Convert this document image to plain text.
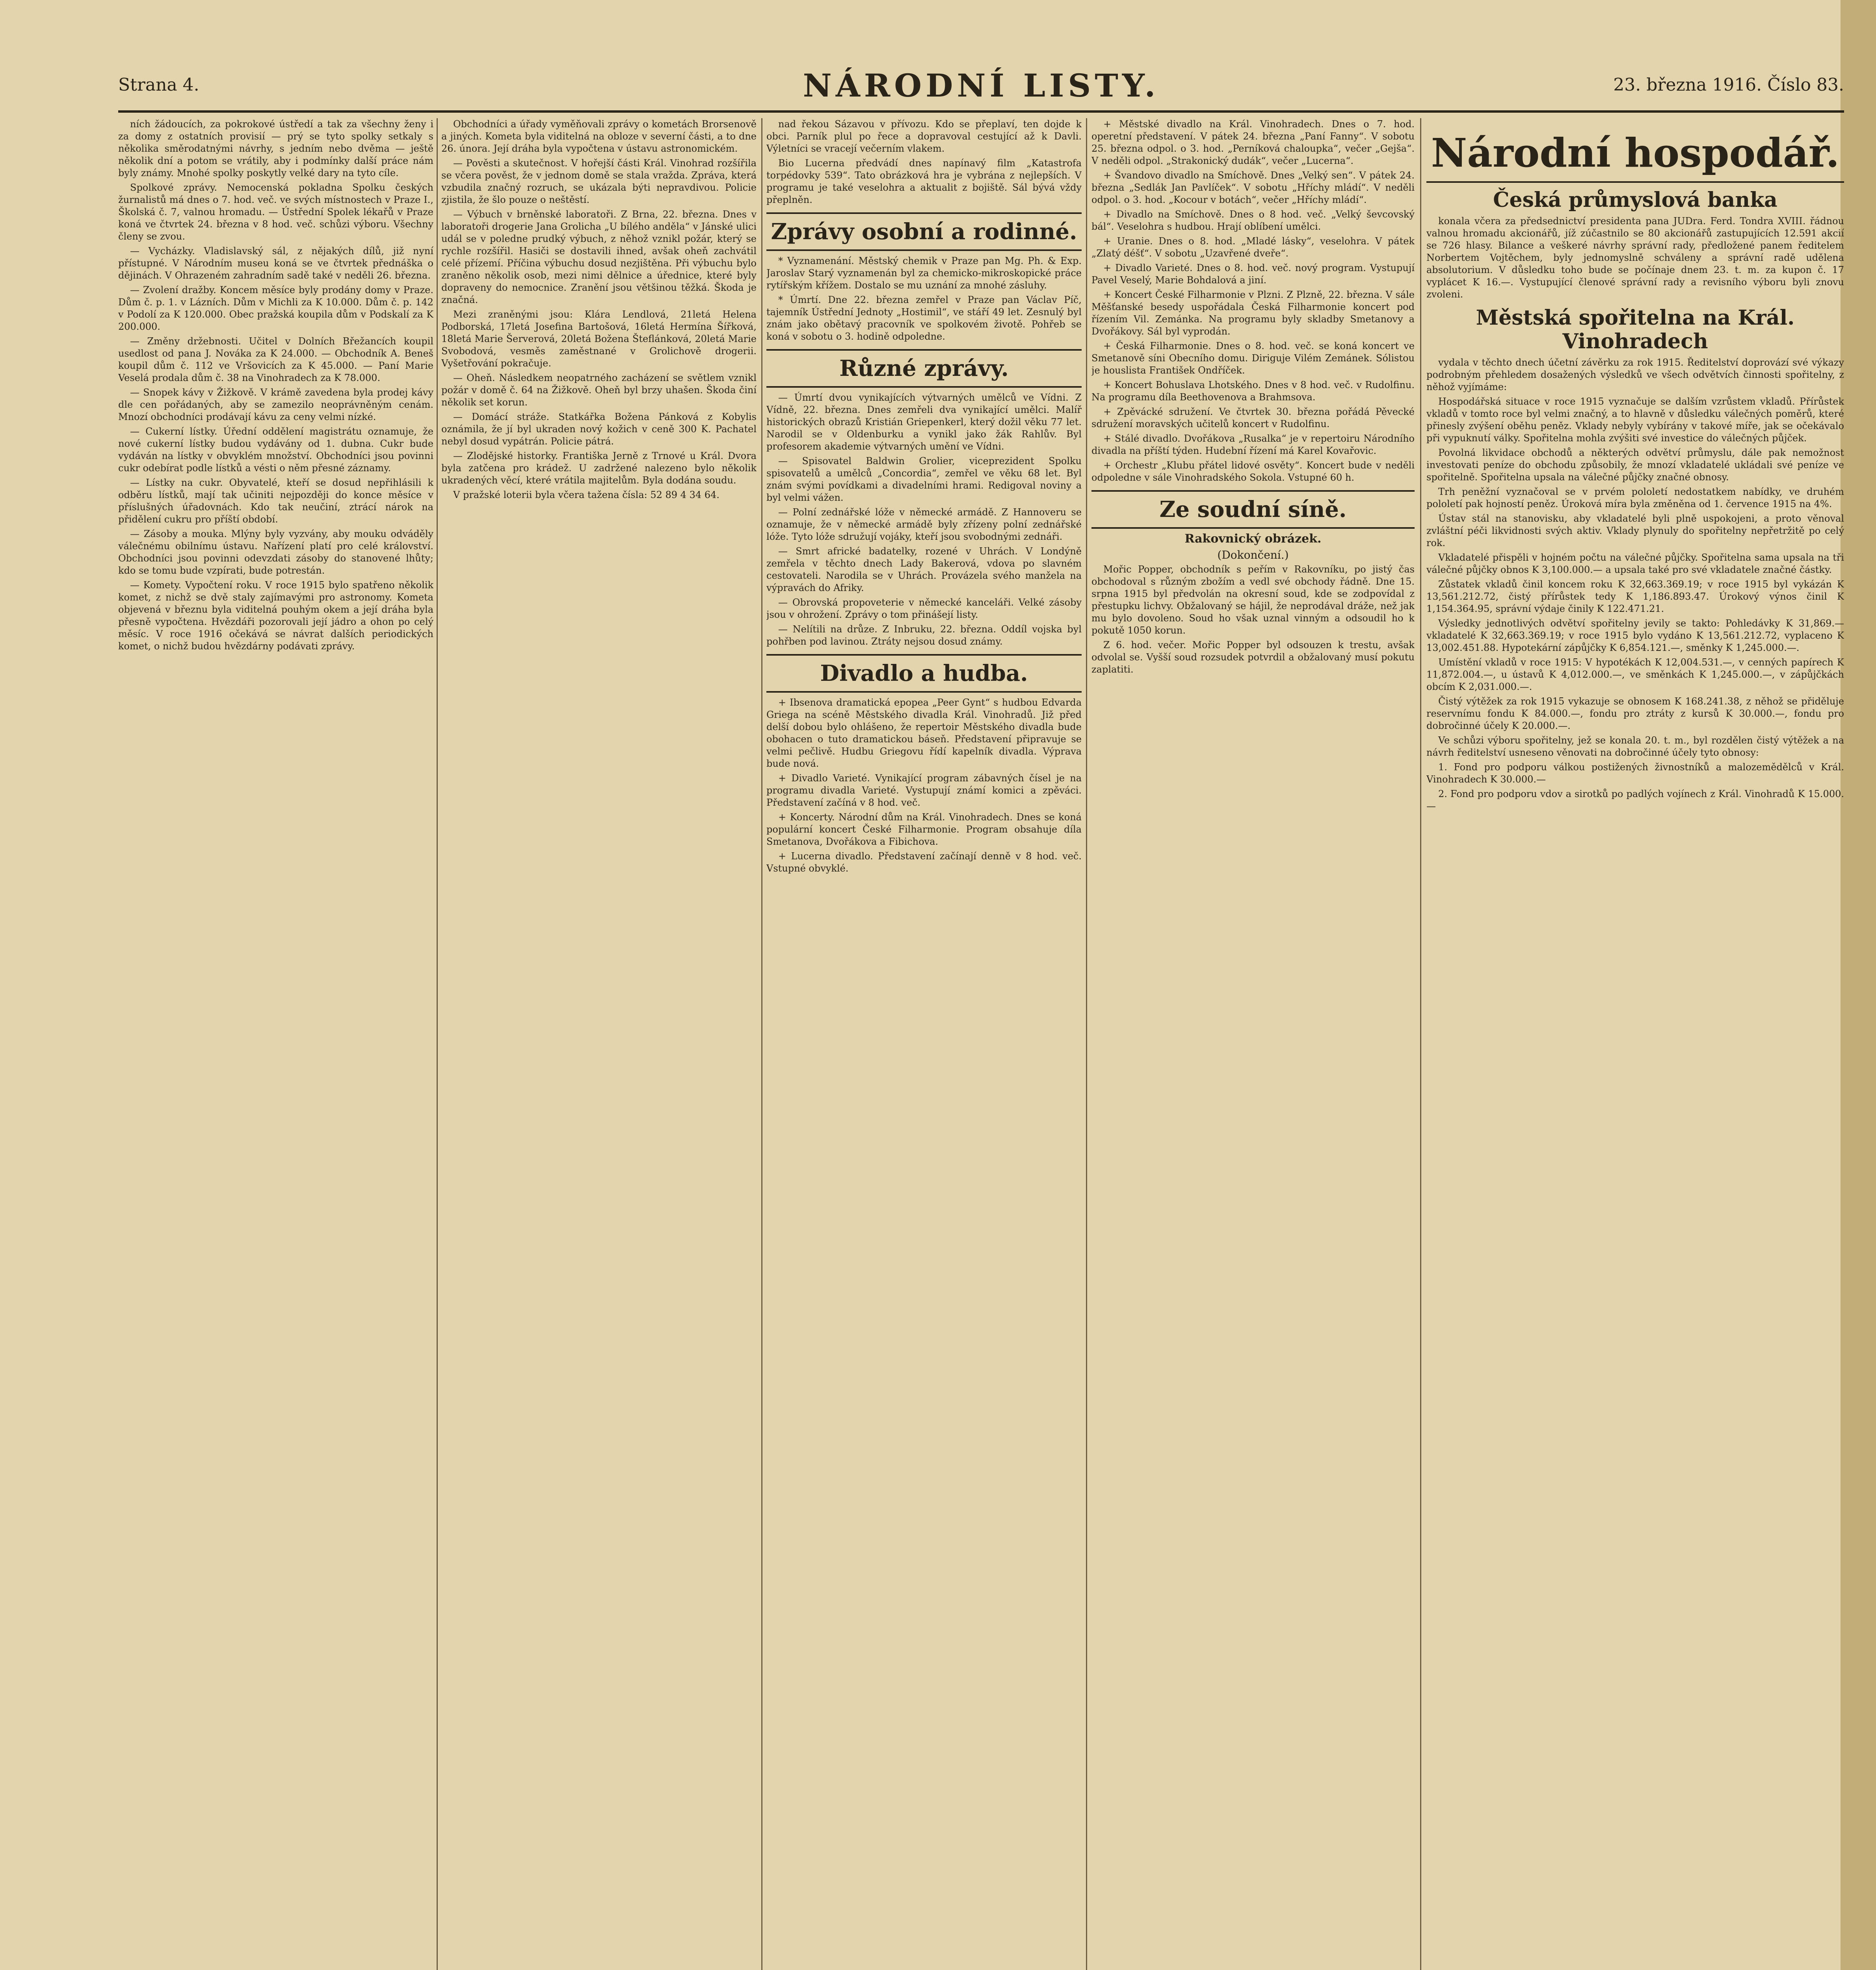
Strana 4.	NÁRODNÍ LISTY.	23. března 1916. Číslo 83.

ních žádoucích, za pokrokové ústředí a tak za všechny ženy i za domy z ostatních provisií — prý se tyto spolky setkaly s několika směrodatnými návrhy, s jedním nebo dvěma — ještě několik dní a potom se vrátily, aby i podmínky další práce nám byly známy. Mnohé spolky poskytly velké dary na tyto cíle.

Spolkové zprávy. Nemocenská pokladna Spolku českých žurnalistů má dnes o 7. hod. več. ve svých místnostech v Praze I., Školská č. 7, valnou hromadu. — Ústřední Spolek lékařů v Praze koná ve čtvrtek 24. března v 8 hod. več. schůzi výboru. Všechny členy se zvou.

— Vycházky. Vladislavský sál, z nějakých dílů, již nyní přístupné. V Národním museu koná se ve čtvrtek přednáška o dějinách. V Ohrazeném zahradním sadě také v neděli 26. března.

— Zvolení dražby. Koncem měsíce byly prodány domy v Praze. Dům č. p. 1. v Lázních. Dům v Michli za K 10.000. Dům č. p. 142 v Podolí za K 120.000. Obec pražská koupila dům v Podskalí za K 200.000.

— Změny držebnosti. Učitel v Dolních Břežancích koupil usedlost od pana J. Nováka za K 24.000. — Obchodník A. Beneš koupil dům č. 112 ve Vršovicích za K 45.000. — Paní Marie Veselá prodala dům č. 38 na Vinohradech za K 78.000.

— Snopek kávy v Žižkově. V krámě zavedena byla prodej kávy dle cen pořádaných, aby se zamezilo neoprávněným cenám. Mnozí obchodníci prodávají kávu za ceny velmi nízké.

— Cukerní lístky. Úřední oddělení magistrátu oznamuje, že nové cukerní lístky budou vydávány od 1. dubna. Cukr bude vydáván na lístky v obvyklém množství. Obchodníci jsou povinni cukr odebírat podle lístků a vésti o něm přesné záznamy.

— Lístky na cukr. Obyvatelé, kteří se dosud nepřihlásili k odběru lístků, mají tak učiniti nejpozději do konce měsíce v příslušných úřadovnách. Kdo tak neučiní, ztrácí nárok na přidělení cukru pro příští období.

— Zásoby a mouka. Mlýny byly vyzvány, aby mouku odváděly válečnému obilnímu ústavu. Nařízení platí pro celé království. Obchodníci jsou povinni odevzdati zásoby do stanovené lhůty; kdo se tomu bude vzpírati, bude potrestán.

— Komety. Vypočtení roku. V roce 1915 bylo spatřeno několik komet, z nichž se dvě staly zajímavými pro astronomy. Kometa objevená v březnu byla viditelná pouhým okem a její dráha byla přesně vypočtena. Hvězdáři pozorovali její jádro a ohon po celý měsíc. V roce 1916 očekává se návrat dalších periodických komet, o nichž budou hvězdárny podávati zprávy.

Obchodníci a úřady vyměňovali zprávy o kometách Brorsenově a jiných. Kometa byla viditelná na obloze v severní části, a to dne 26. února. Její dráha byla vypočtena v ústavu astronomickém.

— Pověsti a skutečnost. V hořejší části Král. Vinohrad rozšířila se včera pověst, že v jednom domě se stala vražda. Zpráva, která vzbudila značný rozruch, se ukázala býti nepravdivou. Policie zjistila, že šlo pouze o neštěstí.

— Výbuch v brněnské laboratoři. Z Brna, 22. března. Dnes v laboratoři drogerie Jana Grolicha „U bílého anděla“ v Jánské ulici udál se v poledne prudký výbuch, z něhož vznikl požár, který se rychle rozšířil. Hasiči se dostavili ihned, avšak oheň zachvátil celé přízemí. Příčina výbuchu dosud nezjištěna. Při výbuchu bylo zraněno několik osob, mezi nimi dělnice a úřednice, které byly dopraveny do nemocnice. Zranění jsou většinou těžká. Škoda je značná.

Mezi zraněnými jsou: Klára Lendlová, 21letá Helena Podborská, 17letá Josefina Bartošová, 16letá Hermína Šířková, 18letá Marie Šerverová, 20letá Božena Šteflánková, 20letá Marie Svobodová, vesměs zaměstnané v Grolichově drogerii. Vyšetřování pokračuje.

— Oheň. Následkem neopatrného zacházení se světlem vznikl požár v domě č. 64 na Žižkově. Oheň byl brzy uhašen. Škoda činí několik set korun.

— Domácí stráže. Statkářka Božena Pánková z Kobylis oznámila, že jí byl ukraden nový kožich v ceně 300 K. Pachatel nebyl dosud vypátrán. Policie pátrá.

— Zlodějské historky. Františka Jerně z Trnové u Král. Dvora byla zatčena pro krádež. U zadržené nalezeno bylo několik ukradených věcí, které vrátila majitelům. Byla dodána soudu.

V pražské loterii byla včera tažena čísla: 52 89 4 34 64.

nad řekou Sázavou v přívozu. Kdo se přeplaví, ten dojde k obci. Parník plul po řece a dopravoval cestující až k Davli. Výletníci se vracejí večerním vlakem.

Bio Lucerna předvádí dnes napínavý film „Katastrofa torpédovky 539“. Tato obrázková hra je vybrána z nejlepších. V programu je také veselohra a aktualit z bojiště. Sál bývá vždy přeplněn.

Zprávy osobní a rodinné.

* Vyznamenání. Městský chemik v Praze pan Mg. Ph. & Exp. Jaroslav Starý vyznamenán byl za chemicko-mikroskopické práce rytířským křížem. Dostalo se mu uznání za mnohé zásluhy.

* Úmrtí. Dne 22. března zemřel v Praze pan Václav Píč, tajemník Ústřední Jednoty „Hostimil“, ve stáří 49 let. Zesnulý byl znám jako obětavý pracovník ve spolkovém životě. Pohřeb se koná v sobotu o 3. hodině odpoledne.

Různé zprávy.

— Úmrtí dvou vynikajících výtvarných umělců ve Vídni. Z Vídně, 22. března. Dnes zemřeli dva vynikající umělci. Malíř historických obrazů Kristián Griepenkerl, který dožil věku 77 let. Narodil se v Oldenburku a vynikl jako žák Rahlův. Byl profesorem akademie výtvarných umění ve Vídni.

— Spisovatel Baldwin Grolier, viceprezident Spolku spisovatelů a umělců „Concordia“, zemřel ve věku 68 let. Byl znám svými povídkami a divadelními hrami. Redigoval noviny a byl velmi vážen.

— Polní zednářské lóže v německé armádě. Z Hannoveru se oznamuje, že v německé armádě byly zřízeny polní zednářské lóže. Tyto lóže sdružují vojáky, kteří jsou svobodnými zednáři.

— Smrt africké badatelky, rozené v Uhrách. V Londýně zemřela v těchto dnech Lady Bakerová, vdova po slavném cestovateli. Narodila se v Uhrách. Provázela svého manžela na výpravách do Afriky.

— Obrovská propoveterie v německé kanceláři. Velké zásoby jsou v ohrožení. Zprávy o tom přinášejí listy.

— Nelítili na drůze. Z Inbruku, 22. března. Oddíl vojska byl pohřben pod lavinou. Ztráty nejsou dosud známy.

Divadlo a hudba.

+ Ibsenova dramatická epopea „Peer Gynt“ s hudbou Edvarda Griega na scéně Městského divadla Král. Vinohradů. Již před delší dobou bylo ohlášeno, že repertoir Městského divadla bude obohacen o tuto dramatickou báseň. Představení připravuje se velmi pečlivě. Hudbu Griegovu řídí kapelník divadla. Výprava bude nová.

+ Divadlo Varieté. Vynikající program zábavných čísel je na programu divadla Varieté. Vystupují známí komici a zpěváci. Představení začíná v 8 hod. več.

+ Koncerty. Národní dům na Král. Vinohradech. Dnes se koná populární koncert České Filharmonie. Program obsahuje díla Smetanova, Dvořákova a Fibichova.

+ Lucerna divadlo. Představení začínají denně v 8 hod. več. Vstupné obvyklé.

+ Městské divadlo na Král. Vinohradech. Dnes o 7. hod. operetní představení. V pátek 24. března „Paní Fanny“. V sobotu 25. března odpol. o 3. hod. „Perníková chaloupka“, večer „Gejša“. V neděli odpol. „Strakonický dudák“, večer „Lucerna“.

+ Švandovo divadlo na Smíchově. Dnes „Velký sen“. V pátek 24. března „Sedlák Jan Pavlíček“. V sobotu „Hříchy mládí“. V neděli odpol. o 3. hod. „Kocour v botách“, večer „Hříchy mládí“.

+ Divadlo na Smíchově. Dnes o 8 hod. več. „Velký ševcovský bál“. Veselohra s hudbou. Hrají oblíbení umělci.

+ Uranie. Dnes o 8. hod. „Mladé lásky“, veselohra. V pátek „Zlatý déšť“. V sobotu „Uzavřené dveře“.

+ Divadlo Varieté. Dnes o 8. hod. več. nový program. Vystupují Pavel Veselý, Marie Bohdalová a jiní.

+ Koncert České Filharmonie v Plzni. Z Plzně, 22. března. V sále Měšťanské besedy uspořádala Česká Filharmonie koncert pod řízením Vil. Zemánka. Na programu byly skladby Smetanovy a Dvořákovy. Sál byl vyprodán.

+ Česká Filharmonie. Dnes o 8. hod. več. se koná koncert ve Smetanově síni Obecního domu. Diriguje Vilém Zemánek. Sólistou je houslista František Ondříček.

+ Koncert Bohuslava Lhotského. Dnes v 8 hod. več. v Rudolfinu. Na programu díla Beethovenova a Brahmsova.

+ Zpěvácké sdružení. Ve čtvrtek 30. března pořádá Pěvecké sdružení moravských učitelů koncert v Rudolfinu.

+ Stálé divadlo. Dvořákova „Rusalka“ je v repertoiru Národního divadla na příští týden. Hudební řízení má Karel Kovařovic.

+ Orchestr „Klubu přátel lidové osvěty“. Koncert bude v neděli odpoledne v sále Vinohradského Sokola. Vstupné 60 h.

Ze soudní síně.
Rakovnický obrázek.
(Dokončení.)

Mořic Popper, obchodník s peřím v Rakovníku, po jistý čas obchodoval s různým zbožím a vedl své obchody řádně. Dne 15. srpna 1915 byl předvolán na okresní soud, kde se zodpovídal z přestupku lichvy. Obžalovaný se hájil, že neprodával dráže, než jak mu bylo dovoleno. Soud ho však uznal vinným a odsoudil ho k pokutě 1050 korun.

Z 6. hod. večer. Mořic Popper byl odsouzen k trestu, avšak odvolal se. Vyšší soud rozsudek potvrdil a obžalovaný musí pokutu zaplatiti.

Národní hospodář.
Česká průmyslová banka

konala včera za předsednictví presidenta pana JUDra. Ferd. Tondra XVIII. řádnou valnou hromadu akcionářů, jíž zúčastnilo se 80 akcionářů zastupujících 12.591 akcií se 726 hlasy. Bilance a veškeré návrhy správní rady, předložené panem ředitelem Norbertem Vojtěchem, byly jednomyslně schváleny a správní radě udělena absolutorium. V důsledku toho bude se počínaje dnem 23. t. m. za kupon č. 17 vyplácet K 16.—. Vystupující členové správní rady a revisního výboru byli znovu zvoleni.

Městská spořitelna na Král. Vinohradech

vydala v těchto dnech účetní závěrku za rok 1915. Ředitelství doprovází své výkazy podrobným přehledem dosažených výsledků ve všech odvětvích činnosti spořitelny, z něhož vyjímáme:

Hospodářská situace v roce 1915 vyznačuje se dalším vzrůstem vkladů. Přírůstek vkladů v tomto roce byl velmi značný, a to hlavně v důsledku válečných poměrů, které přinesly zvýšení oběhu peněz. Vklady nebyly vybírány v takové míře, jak se očekávalo při vypuknutí války. Spořitelna mohla zvýšiti své investice do válečných půjček.

Povolná likvidace obchodů a některých odvětví průmyslu, dále pak nemožnost investovati peníze do obchodu způsobily, že mnozí vkladatelé ukládali své peníze ve spořitelně. Spořitelna upsala na válečné půjčky značné obnosy.

Trh peněžní vyznačoval se v prvém pololetí nedostatkem nabídky, ve druhém pololetí pak hojností peněz. Úroková míra byla změněna od 1. července 1915 na 4%.

Ústav stál na stanovisku, aby vkladatelé byli plně uspokojeni, a proto věnoval zvláštní péči likvidnosti svých aktiv. Vklady plynuly do spořitelny nepřetržitě po celý rok.

Vkladatelé přispěli v hojném počtu na válečné půjčky. Spořitelna sama upsala na tři válečné půjčky obnos K 3,100.000.— a upsala také pro své vkladatele značné částky.

Zůstatek vkladů činil koncem roku K 32,663.369.19; v roce 1915 byl vykázán K 13,561.212.72, čistý přírůstek tedy K 1,186.893.47. Úrokový výnos činil K 1,154.364.95, správní výdaje činily K 122.471.21.

Výsledky jednotlivých odvětví spořitelny jevily se takto: Pohledávky K 31,869.— vkladatelé K 32,663.369.19; v roce 1915 bylo vydáno K 13,561.212.72, vyplaceno K 13,002.451.88. Hypotekární zápůjčky K 6,854.121.—, směnky K 1,245.000.—.

Umístění vkladů v roce 1915: V hypotékách K 12,004.531.—, v cenných papírech K 11,872.004.—, u ústavů K 4,012.000.—, ve směnkách K 1,245.000.—, v zápůjčkách obcím K 2,031.000.—.

Čistý výtěžek za rok 1915 vykazuje se obnosem K 168.241.38, z něhož se přiděluje reservnímu fondu K 84.000.—, fondu pro ztráty z kursů K 30.000.—, fondu pro dobročinné účely K 20.000.—.

Ve schůzi výboru spořitelny, jež se konala 20. t. m., byl rozdělen čistý výtěžek a na návrh ředitelství usneseno věnovati na dobročinné účely tyto obnosy:

1. Fond pro podporu válkou postižených živnostníků a malozemědělců v Král. Vinohradech K 30.000.—

2. Fond pro podporu vdov a sirotků po padlých vojínech z Král. Vinohradů K 15.000.—
